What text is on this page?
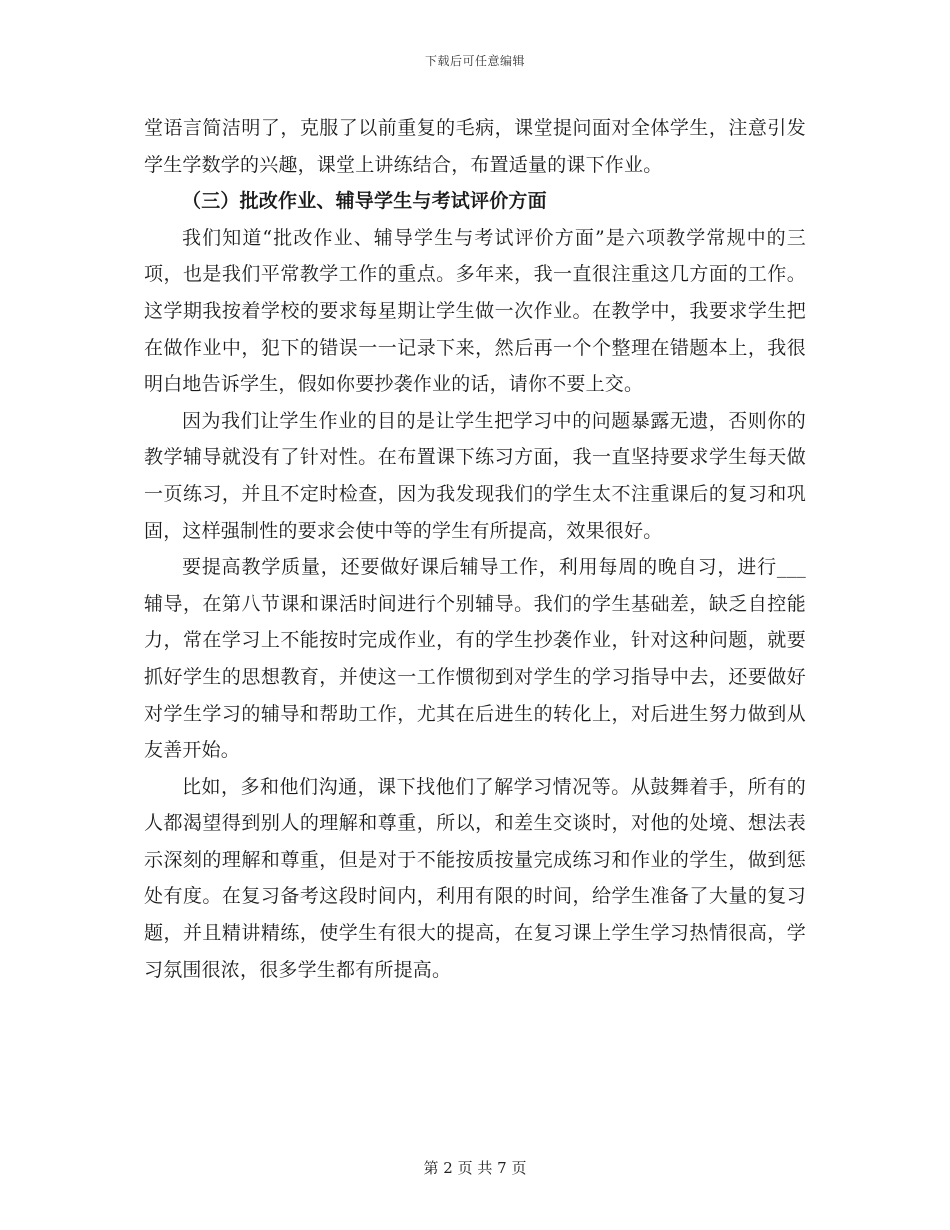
下载后可任意编辑

堂语言简洁明了，克服了以前重复的毛病，课堂提问面对全体学生，注意引发学生学数学的兴趣，课堂上讲练结合，布置适量的课下作业。

（三）批改作业、辅导学生与考试评价方面

我们知道“批改作业、辅导学生与考试评价方面”是六项教学常规中的三项，也是我们平常教学工作的重点。多年来，我一直很注重这几方面的工作。这学期我按着学校的要求每星期让学生做一次作业。在教学中，我要求学生把在做作业中，犯下的错误一一记录下来，然后再一个个整理在错题本上，我很明白地告诉学生，假如你要抄袭作业的话，请你不要上交。

因为我们让学生作业的目的是让学生把学习中的问题暴露无遗，否则你的教学辅导就没有了针对性。在布置课下练习方面，我一直坚持要求学生每天做一页练习，并且不定时检查，因为我发现我们的学生太不注重课后的复习和巩固，这样强制性的要求会使中等的学生有所提高，效果很好。

要提高教学质量，还要做好课后辅导工作，利用每周的晚自习，进行___辅导，在第八节课和课活时间进行个别辅导。我们的学生基础差，缺乏自控能力，常在学习上不能按时完成作业，有的学生抄袭作业，针对这种问题，就要抓好学生的思想教育，并使这一工作惯彻到对学生的学习指导中去，还要做好对学生学习的辅导和帮助工作，尤其在后进生的转化上，对后进生努力做到从友善开始。

比如，多和他们沟通，课下找他们了解学习情况等。从鼓舞着手，所有的人都渴望得到别人的理解和尊重，所以，和差生交谈时，对他的处境、想法表示深刻的理解和尊重，但是对于不能按质按量完成练习和作业的学生，做到惩处有度。在复习备考这段时间内，利用有限的时间，给学生准备了大量的复习题，并且精讲精练，使学生有很大的提高，在复习课上学生学习热情很高，学习氛围很浓，很多学生都有所提高。

第 2 页 共 7 页
